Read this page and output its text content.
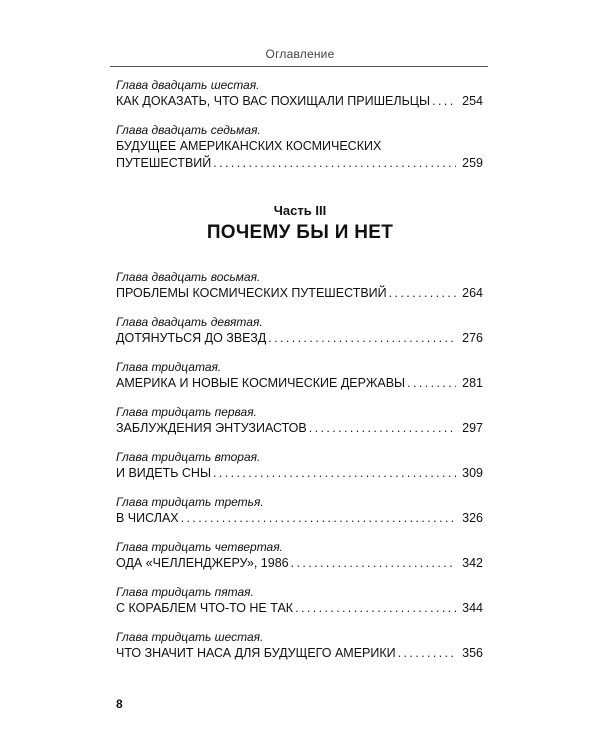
Оглавление
Глава двадцать шестая.
КАК ДОКАЗАТЬ, ЧТО ВАС ПОХИЩАЛИ ПРИШЕЛЬЦЫ .....	254
Глава двадцать седьмая.
БУДУЩЕЕ АМЕРИКАНСКИХ КОСМИЧЕСКИХ
ПУТЕШЕСТВИЙ .....	259
Часть III
ПОЧЕМУ БЫ И НЕТ
Глава двадцать восьмая.
ПРОБЛЕМЫ КОСМИЧЕСКИХ ПУТЕШЕСТВИЙ .....	264
Глава двадцать девятая.
ДОТЯНУТЬСЯ ДО ЗВЕЗД .....	276
Глава тридцатая.
АМЕРИКА И НОВЫЕ КОСМИЧЕСКИЕ ДЕРЖАВЫ .....	281
Глава тридцать первая.
ЗАБЛУЖДЕНИЯ ЭНТУЗИАСТОВ .....	297
Глава тридцать вторая.
И ВИДЕТЬ СНЫ .....	309
Глава тридцать третья.
В ЧИСЛАХ .....	326
Глава тридцать четвертая.
ОДА «ЧЕЛЛЕНДЖЕРУ», 1986 .....	342
Глава тридцать пятая.
С КОРАБЛЕМ ЧТО-ТО НЕ ТАК .....	344
Глава тридцать шестая.
ЧТО ЗНАЧИТ НАСА ДЛЯ БУДУЩЕГО АМЕРИКИ .....	356
8
